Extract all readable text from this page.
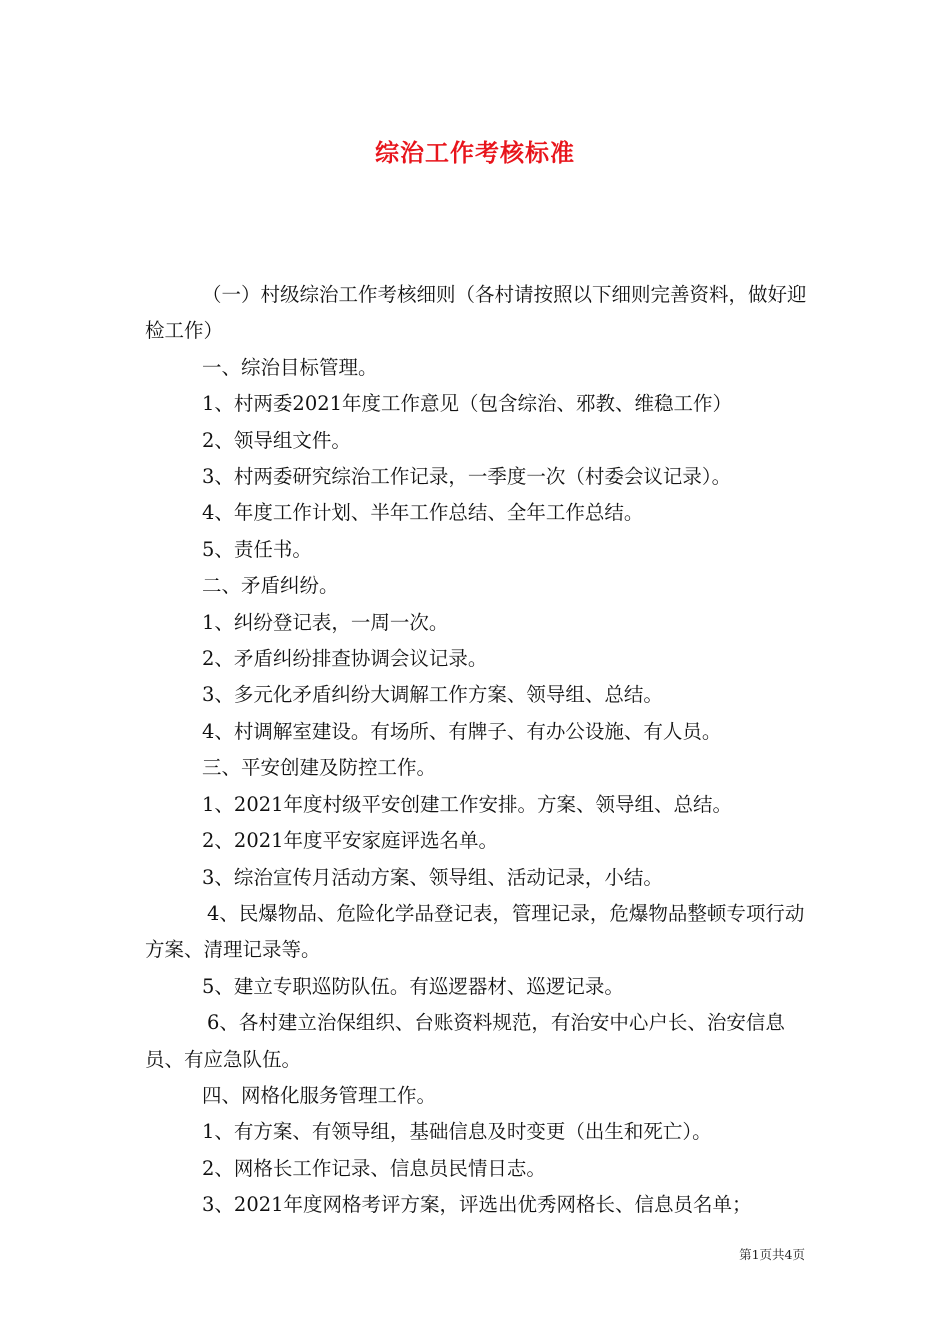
综治工作考核标准

（一）村级综治工作考核细则（各村请按照以下细则完善资料，做好迎检工作）

一、综治目标管理。

1、村两委2021年度工作意见（包含综治、邪教、维稳工作）

2、领导组文件。

3、村两委研究综治工作记录，一季度一次（村委会议记录）。

4、年度工作计划、半年工作总结、全年工作总结。

5、责任书。

二、矛盾纠纷。

1、纠纷登记表，一周一次。

2、矛盾纠纷排查协调会议记录。

3、多元化矛盾纠纷大调解工作方案、领导组、总结。

4、村调解室建设。有场所、有牌子、有办公设施、有人员。

三、平安创建及防控工作。

1、2021年度村级平安创建工作安排。方案、领导组、总结。

2、2021年度平安家庭评选名单。

3、综治宣传月活动方案、领导组、活动记录，小结。

4、民爆物品、危险化学品登记表，管理记录，危爆物品整顿专项行动方案、清理记录等。

5、建立专职巡防队伍。有巡逻器材、巡逻记录。

6、各村建立治保组织、台账资料规范，有治安中心户长、治安信息员、有应急队伍。

四、网格化服务管理工作。

1、有方案、有领导组，基础信息及时变更（出生和死亡）。

2、网格长工作记录、信息员民情日志。

3、2021年度网格考评方案，评选出优秀网格长、信息员名单；

第1页共4页
